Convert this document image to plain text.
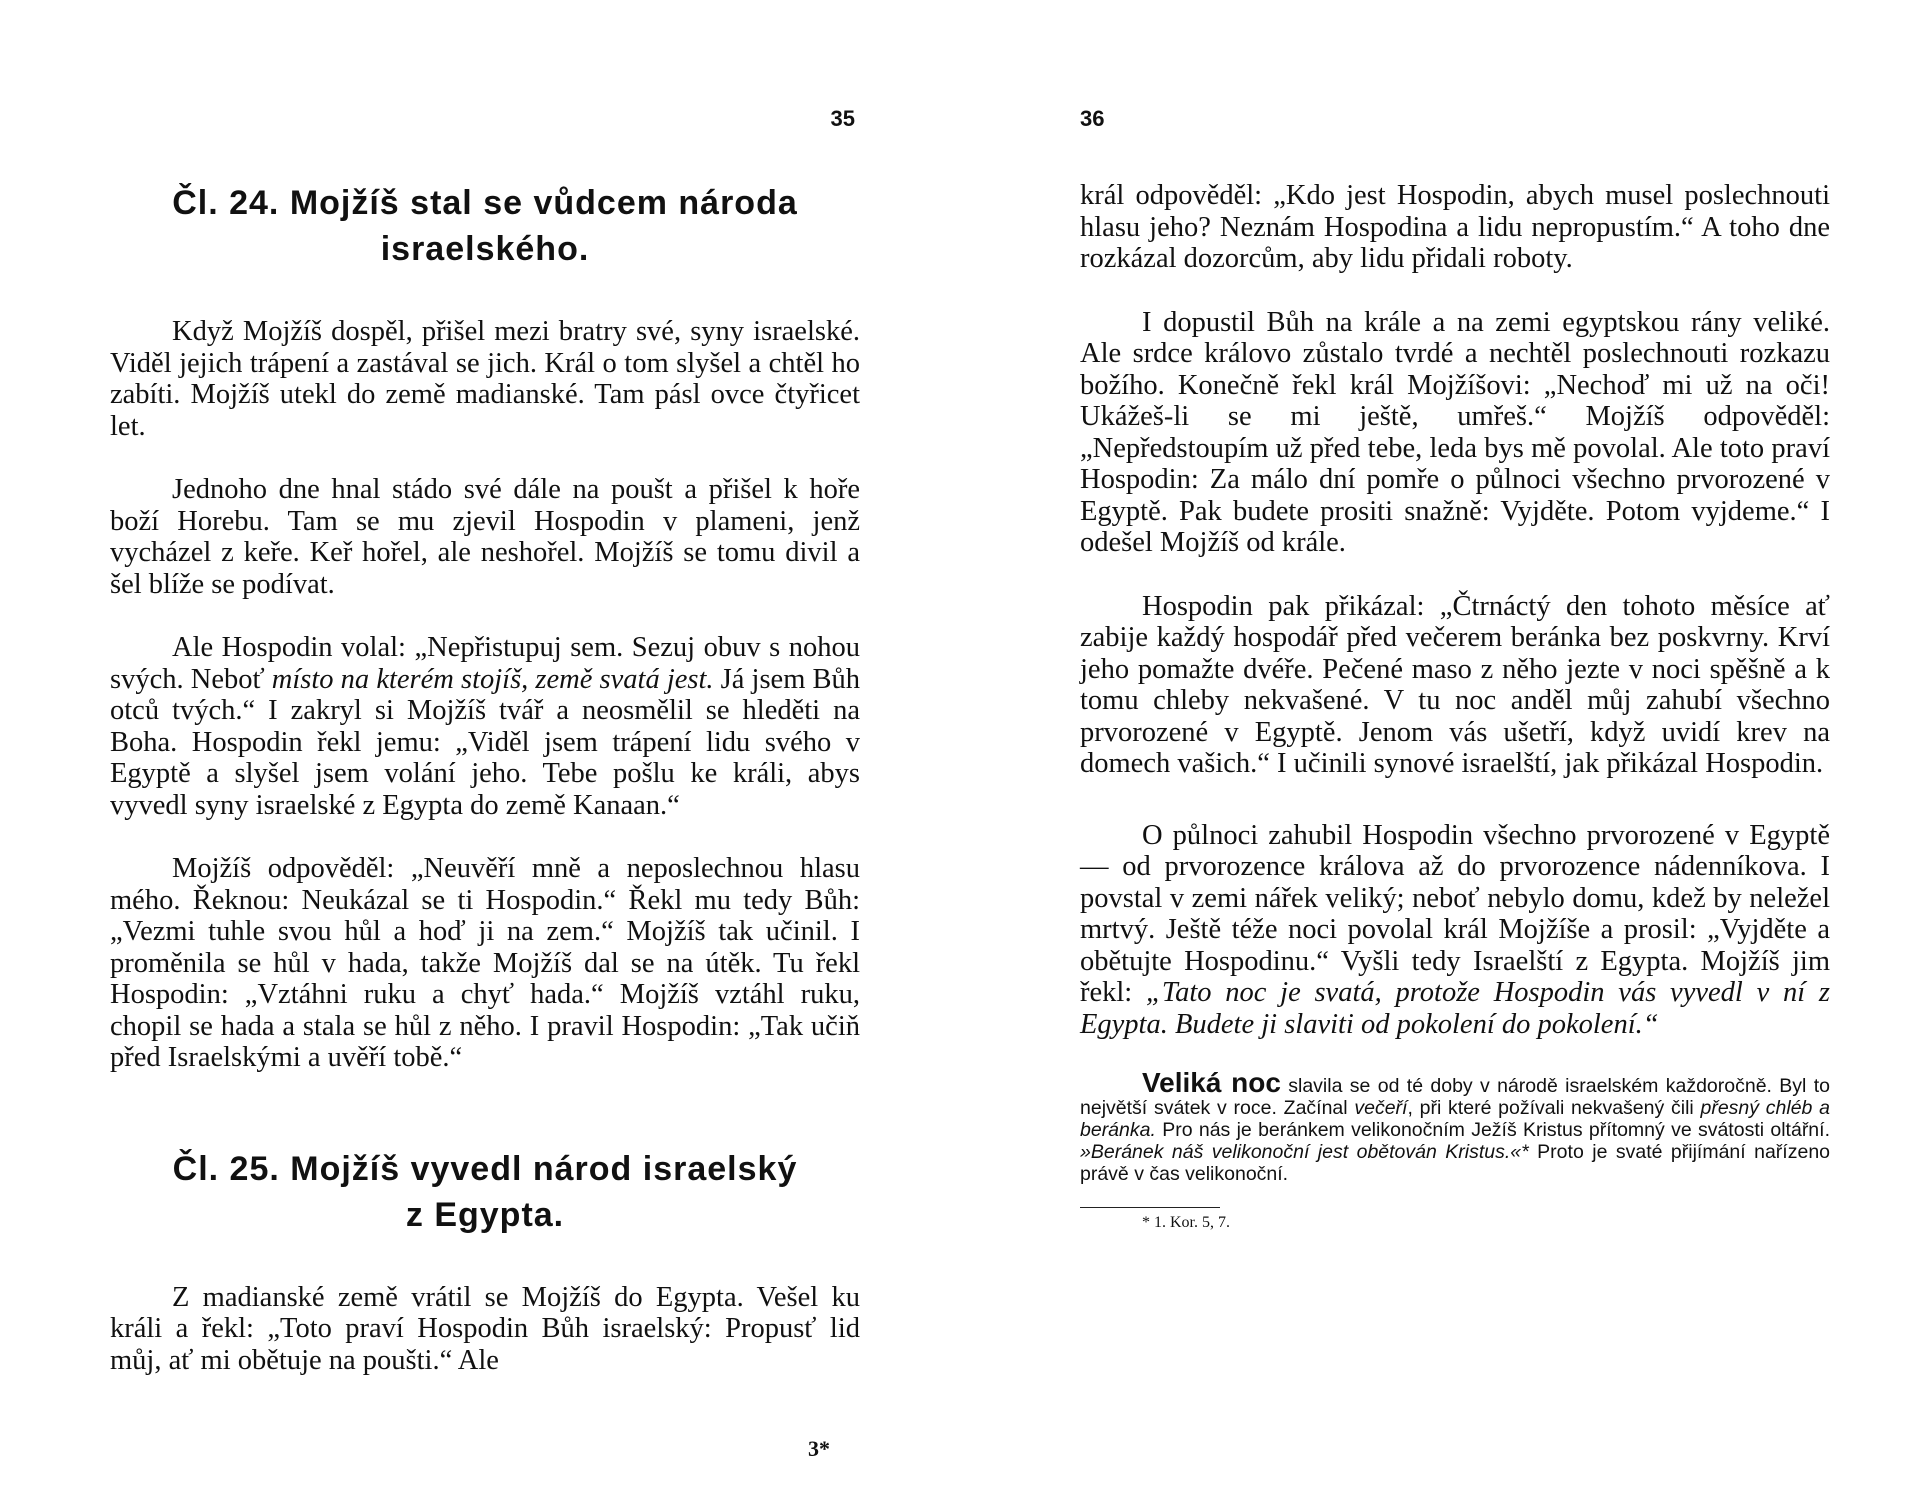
35
Čl. 24. Mojžíš stal se vůdcem národa
israelského.

Když Mojžíš dospěl, přišel mezi bratry své, syny israelské. Viděl jejich trápení a zastával se jich. Král o tom slyšel a chtěl ho zabíti. Mojžíš utekl do země madianské. Tam pásl ovce čtyřicet let.

Jednoho dne hnal stádo své dále na poušt a přišel k hoře boží Horebu. Tam se mu zjevil Hospodin v plameni, jenž vycházel z keře. Keř hořel, ale neshořel. Mojžíš se tomu divil a šel blíže se podívat.

Ale Hospodin volal: „Nepřistupuj sem. Sezuj obuv s nohou svých. Neboť místo na kterém stojíš, země svatá jest. Já jsem Bůh otců tvých.“ I zakryl si Mojžíš tvář a neosmělil se hleděti na Boha. Hospodin řekl jemu: „Viděl jsem trápení lidu svého v Egyptě a slyšel jsem volání jeho. Tebe pošlu ke králi, abys vyvedl syny israelské z Egypta do země Kanaan.“

Mojžíš odpověděl: „Neuvěří mně a neposlechnou hlasu mého. Řeknou: Neukázal se ti Hospodin.“ Řekl mu tedy Bůh: „Vezmi tuhle svou hůl a hoď ji na zem.“ Mojžíš tak učinil. I proměnila se hůl v hada, takže Mojžíš dal se na útěk. Tu řekl Hospodin: „Vztáhni ruku a chyť hada.“ Mojžíš vztáhl ruku, chopil se hada a stala se hůl z něho. I pravil Hospodin: „Tak učiň před Israelskými a uvěří tobě.“

Čl. 25. Mojžíš vyvedl národ israelský
z Egypta.

Z madianské země vrátil se Mojžíš do Egypta. Vešel ku králi a řekl: „Toto praví Hospodin Bůh israelský: Propusť lid můj, ať mi obětuje na poušti.“ Ale

3*
36

král odpověděl: „Kdo jest Hospodin, abych musel poslechnouti hlasu jeho? Neznám Hospodina a lidu nepropustím.“ A toho dne rozkázal dozorcům, aby lidu přidali roboty.

I dopustil Bůh na krále a na zemi egyptskou rány veliké. Ale srdce královo zůstalo tvrdé a nechtěl poslechnouti rozkazu božího. Konečně řekl král Mojžíšovi: „Nechoď mi už na oči! Ukážeš-li se mi ještě, umřeš.“ Mojžíš odpověděl: „Nepředstoupím už před tebe, leda bys mě povolal. Ale toto praví Hospodin: Za málo dní pomře o půlnoci všechno prvorozené v Egyptě. Pak budete prositi snažně: Vyjděte. Potom vyjdeme.“ I odešel Mojžíš od krále.

Hospodin pak přikázal: „Čtrnáctý den tohoto měsíce ať zabije každý hospodář před večerem beránka bez poskvrny. Krví jeho pomažte dvéře. Pečené maso z něho jezte v noci spěšně a k tomu chleby nekvašené. V tu noc anděl můj zahubí všechno prvorozené v Egyptě. Jenom vás ušetří, když uvidí krev na domech vašich.“ I učinili synové israelští, jak přikázal Hospodin.

O půlnoci zahubil Hospodin všechno prvorozené v Egyptě — od prvorozence králova až do prvorozence nádenníkova. I povstal v zemi nářek veliký; neboť nebylo domu, kdež by neležel mrtvý. Ještě téže noci povolal král Mojžíše a prosil: „Vyjděte a obětujte Hospodinu.“ Vyšli tedy Israelští z Egypta. Mojžíš jim řekl: „Tato noc je svatá, protože Hospodin vás vyvedl v ní z Egypta. Budete ji slaviti od pokolení do pokolení.“

Veliká noc slavila se od té doby v národě israelském každoročně. Byl to největší svátek v roce. Začínal večeří, při které požívali nekvašený čili přesný chléb a beránka. Pro nás je beránkem velikonočním Ježíš Kristus přítomný ve svátosti oltářní. »Beránek náš velikonoční jest obětován Kristus.«* Proto je svaté přijímání nařízeno právě v čas velikonoční.

* 1. Kor. 5, 7.
